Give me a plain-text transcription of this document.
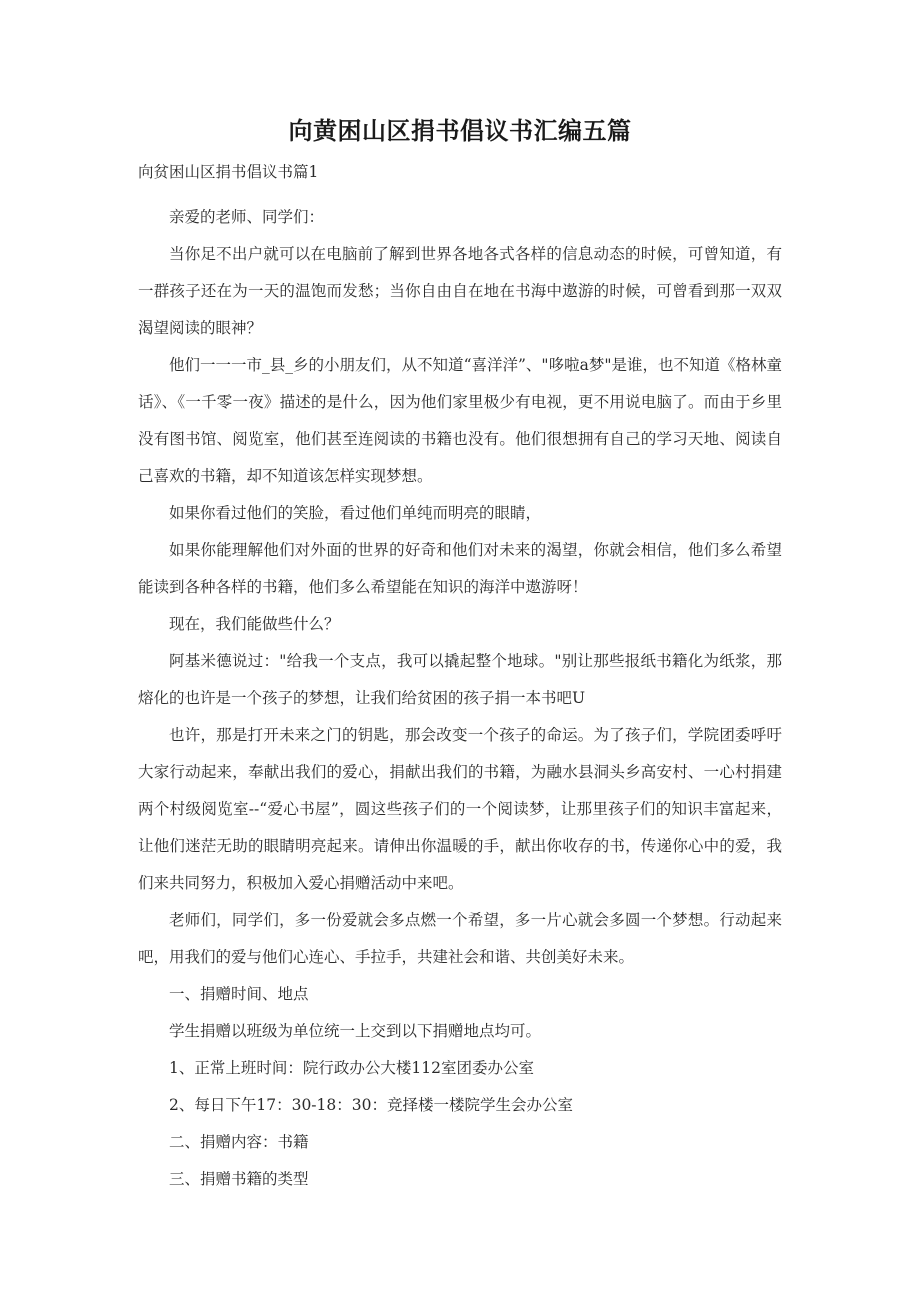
向黄困山区捐书倡议书汇编五篇
向贫困山区捐书倡议书篇1

亲爱的老师、同学们：

当你足不出户就可以在电脑前了解到世界各地各式各样的信息动态的时候，可曾知道，有一群孩子还在为一天的温饱而发愁；当你自由自在地在书海中遨游的时候，可曾看到那一双双渴望阅读的眼神？

他们一一一市_县_乡的小朋友们，从不知道“喜洋洋”、"哆啦a梦"是谁，也不知道《格林童话》、《一千零一夜》描述的是什么，因为他们家里极少有电视，更不用说电脑了。而由于乡里没有图书馆、阅览室，他们甚至连阅读的书籍也没有。他们很想拥有自己的学习天地、阅读自己喜欢的书籍，却不知道该怎样实现梦想。

如果你看过他们的笑脸，看过他们单纯而明亮的眼睛，

如果你能理解他们对外面的世界的好奇和他们对未来的渴望，你就会相信，他们多么希望能读到各种各样的书籍，他们多么希望能在知识的海洋中遨游呀！

现在，我们能做些什么？

阿基米德说过："给我一个支点，我可以撬起整个地球。"别让那些报纸书籍化为纸浆，那熔化的也许是一个孩子的梦想，让我们给贫困的孩子捐一本书吧U

也许，那是打开未来之门的钥匙，那会改变一个孩子的命运。为了孩子们，学院团委呼吁大家行动起来，奉献出我们的爱心，捐献出我们的书籍，为融水县洞头乡高安村、一心村捐建两个村级阅览室--“爱心书屋”，圆这些孩子们的一个阅读梦，让那里孩子们的知识丰富起来，让他们迷茫无助的眼睛明亮起来。请伸出你温暖的手，献出你收存的书，传递你心中的爱，我们来共同努力，积极加入爱心捐赠活动中来吧。

老师们，同学们，多一份爱就会多点燃一个希望，多一片心就会多圆一个梦想。行动起来吧，用我们的爱与他们心连心、手拉手，共建社会和谐、共创美好未来。

一、捐赠时间、地点

学生捐赠以班级为单位统一上交到以下捐赠地点均可。

1、正常上班时间：院行政办公大楼112室团委办公室

2、每日下午17：30-18：30：竞择楼一楼院学生会办公室

二、捐赠内容：书籍

三、捐赠书籍的类型
